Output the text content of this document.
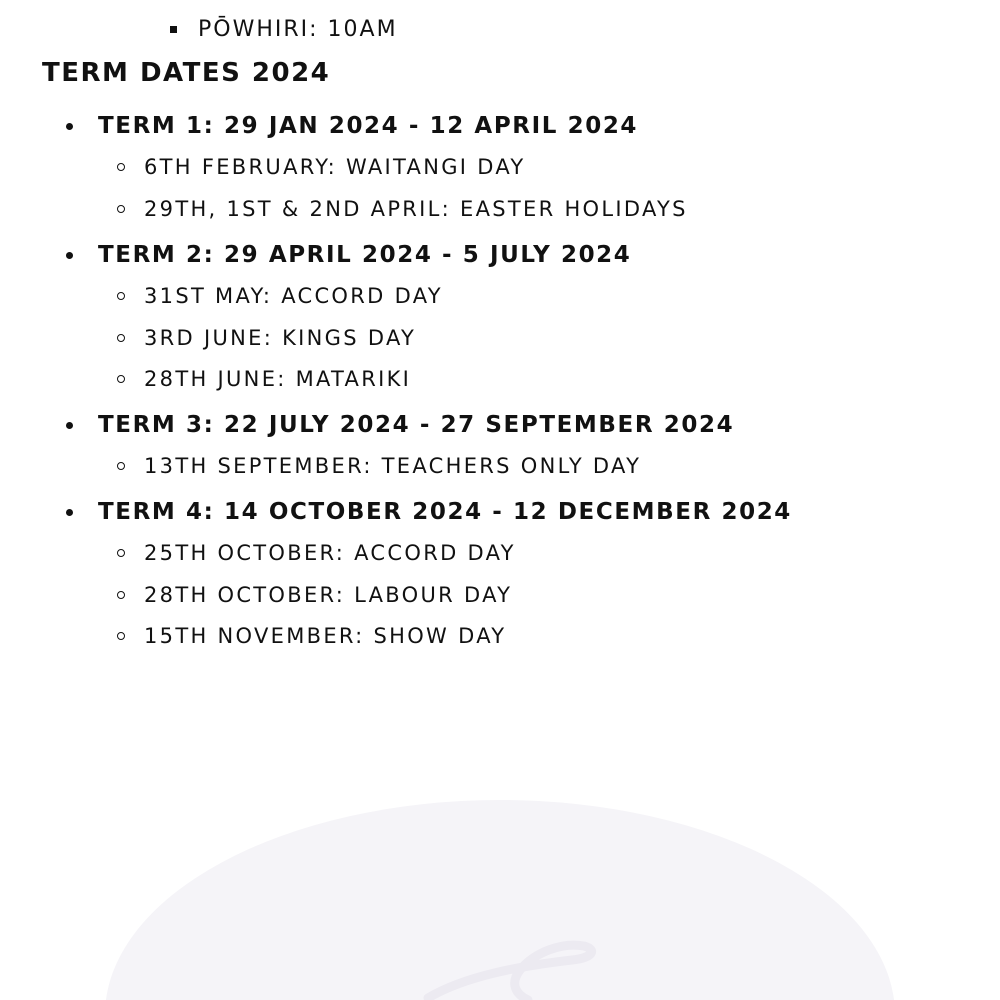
PŌWHIRI: 10AM
TERM DATES 2024
TERM 1: 29 JAN 2024 - 12 APRIL 2024
6TH FEBRUARY: WAITANGI DAY
29TH, 1ST & 2ND APRIL: EASTER HOLIDAYS
TERM 2: 29 APRIL 2024 - 5 JULY 2024
31ST MAY: ACCORD DAY
3RD JUNE: KINGS DAY
28TH JUNE: MATARIKI
TERM 3: 22 JULY 2024 - 27 SEPTEMBER 2024
13TH SEPTEMBER: TEACHERS ONLY DAY
TERM 4: 14 OCTOBER 2024 - 12 DECEMBER 2024
25TH OCTOBER: ACCORD DAY
28TH OCTOBER: LABOUR DAY
15TH NOVEMBER: SHOW DAY
